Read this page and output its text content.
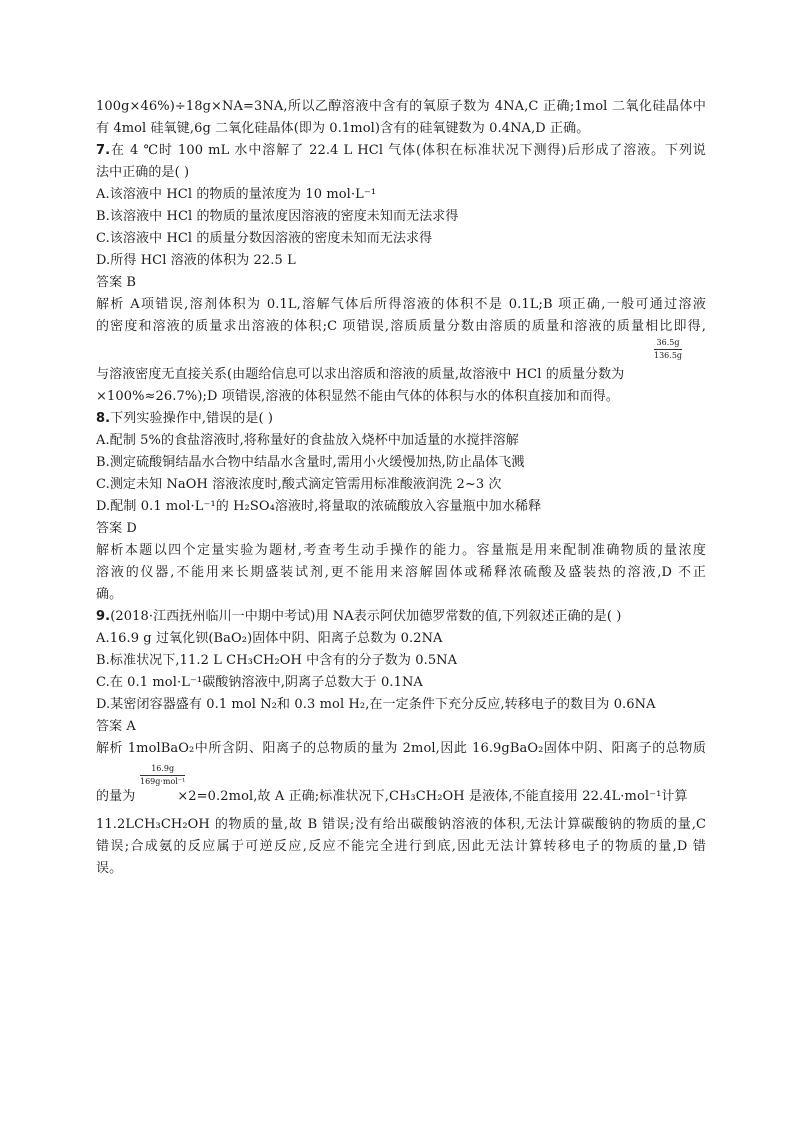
100g×46%)÷18g×NA=3NA,所以乙醇溶液中含有的氧原子数为 4NA,C 正确;1mol 二氧化硅晶体中
有 4mol 硅氧键,6g 二氧化硅晶体(即为 0.1mol)含有的硅氧键数为 0.4NA,D 正确。
7.在 4 ℃时 100 mL 水中溶解了 22.4 L HCl 气体(体积在标准状况下测得)后形成了溶液。下列说
法中正确的是( )
A.该溶液中 HCl 的物质的量浓度为 10 mol·L⁻¹
B.该溶液中 HCl 的物质的量浓度因溶液的密度未知而无法求得
C.该溶液中 HCl 的质量分数因溶液的密度未知而无法求得
D.所得 HCl 溶液的体积为 22.5 L
答案 B
解析 A项错误,溶剂体积为 0.1L,溶解气体后所得溶液的体积不是 0.1L;B 项正确,一般可通过溶液
的密度和溶液的质量求出溶液的体积;C 项错误,溶质质量分数由溶质的质量和溶液的质量相比即得,
$\frac{36.5g}{136.5g}$
与溶液密度无直接关系(由题给信息可以求出溶质和溶液的质量,故溶液中 HCl 的质量分数为
×100%≈26.7%);D 项错误,溶液的体积显然不能由气体的体积与水的体积直接加和而得。
8.下列实验操作中,错误的是( )
A.配制 5%的食盐溶液时,将称量好的食盐放入烧杯中加适量的水搅拌溶解
B.测定硫酸铜结晶水合物中结晶水含量时,需用小火缓慢加热,防止晶体飞溅
C.测定未知 NaOH 溶液浓度时,酸式滴定管需用标准酸液润洗 2~3 次
D.配制 0.1 mol·L⁻¹的 H₂SO₄溶液时,将量取的浓硫酸放入容量瓶中加水稀释
答案 D
解析本题以四个定量实验为题材,考查考生动手操作的能力。容量瓶是用来配制准确物质的量浓度
溶液的仪器,不能用来长期盛装试剂,更不能用来溶解固体或稀释浓硫酸及盛装热的溶液,D 不正
确。
9.(2018·江西抚州临川一中期中考试)用 NA表示阿伏加德罗常数的值,下列叙述正确的是( )
A.16.9 g 过氧化钡(BaO₂)固体中阴、阳离子总数为 0.2NA
B.标准状况下,11.2 L CH₃CH₂OH 中含有的分子数为 0.5NA
C.在 0.1 mol·L⁻¹碳酸钠溶液中,阴离子总数大于 0.1NA
D.某密闭容器盛有 0.1 mol N₂和 0.3 mol H₂,在一定条件下充分反应,转移电子的数目为 0.6NA
答案 A
解析 1molBaO₂中所含阴、阳离子的总物质的量为 2mol,因此 16.9gBaO₂固体中阴、阳离子的总物质
16.9g
169g·mol⁻¹
的量为	×2=0.2mol,故 A 正确;标准状况下,CH₃CH₂OH 是液体,不能直接用 22.4L·mol⁻¹计算
11.2LCH₃CH₂OH 的物质的量,故 B 错误;没有给出碳酸钠溶液的体积,无法计算碳酸钠的物质的量,C
错误;合成氨的反应属于可逆反应,反应不能完全进行到底,因此无法计算转移电子的物质的量,D 错
误。
